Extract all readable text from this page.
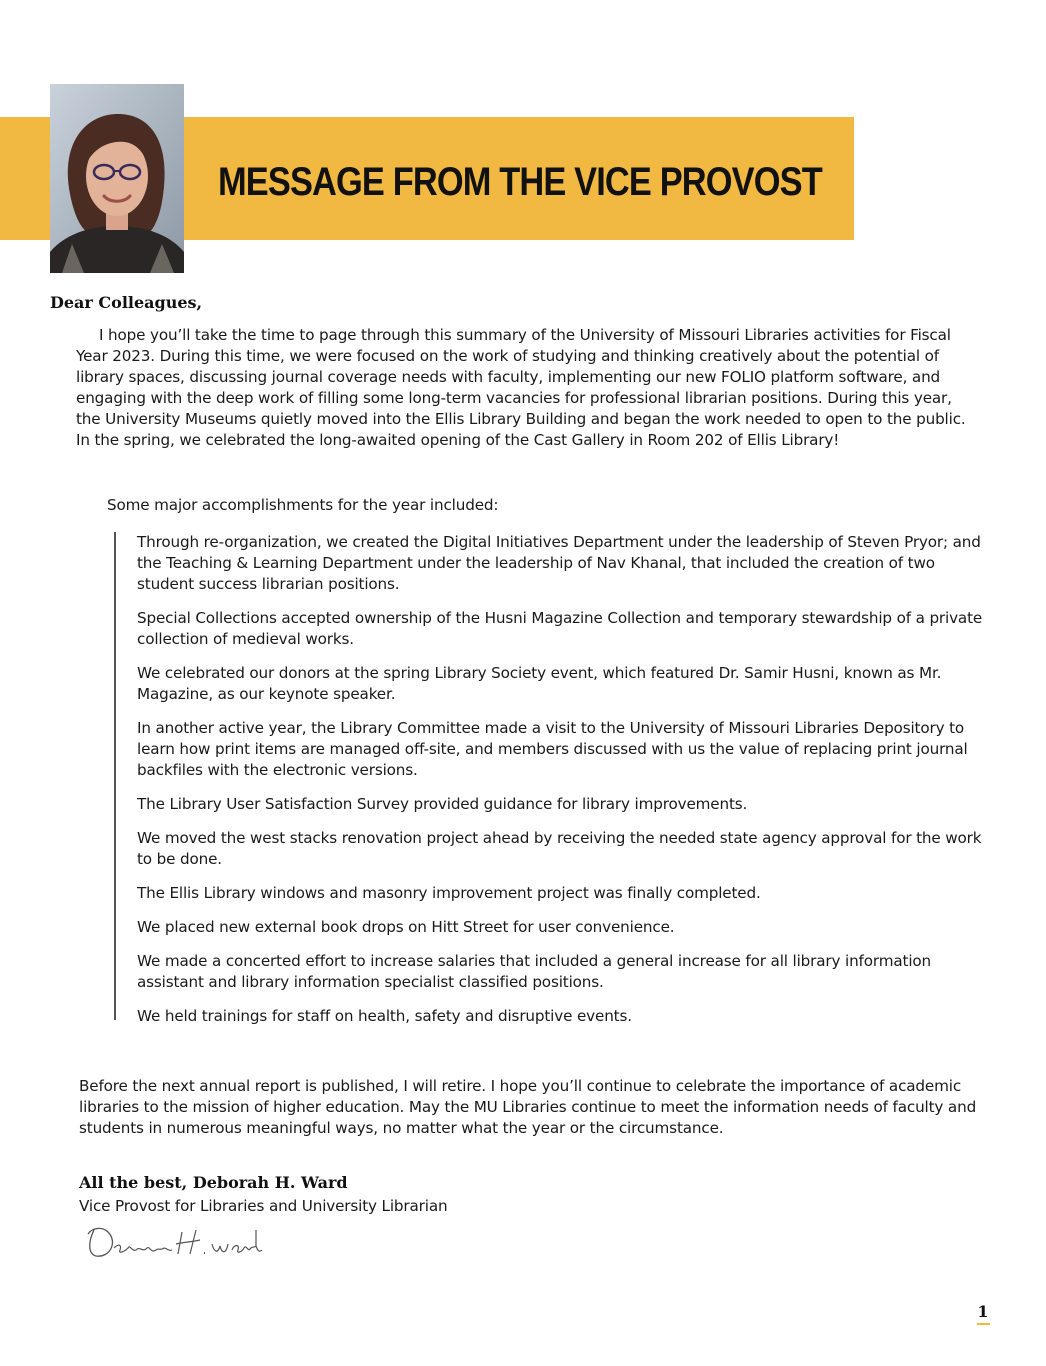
MESSAGE FROM THE VICE PROVOST

Dear Colleagues,

I hope you’ll take the time to page through this summary of the University of Missouri Libraries activities for Fiscal Year 2023. During this time, we were focused on the work of studying and thinking creatively about the potential of library spaces, discussing journal coverage needs with faculty, implementing our new FOLIO platform software, and engaging with the deep work of filling some long-term vacancies for professional librarian positions. During this year, the University Museums quietly moved into the Ellis Library Building and began the work needed to open to the public. In the spring, we celebrated the long-awaited opening of the Cast Gallery in Room 202 of Ellis Library!

Some major accomplishments for the year included:

Through re-organization, we created the Digital Initiatives Department under the leadership of Steven Pryor; and the Teaching & Learning Department under the leadership of Nav Khanal, that included the creation of two student success librarian positions.
Special Collections accepted ownership of the Husni Magazine Collection and temporary stewardship of a private collection of medieval works.
We celebrated our donors at the spring Library Society event, which featured Dr. Samir Husni, known as Mr. Magazine, as our keynote speaker.
In another active year, the Library Committee made a visit to the University of Missouri Libraries Depository to learn how print items are managed off-site, and members discussed with us the value of replacing print journal backfiles with the electronic versions.
The Library User Satisfaction Survey provided guidance for library improvements.
We moved the west stacks renovation project ahead by receiving the needed state agency approval for the work to be done.
The Ellis Library windows and masonry improvement project was finally completed.
We placed new external book drops on Hitt Street for user convenience.
We made a concerted effort to increase salaries that included a general increase for all library information assistant and library information specialist classified positions.
We held trainings for staff on health, safety and disruptive events.

Before the next annual report is published, I will retire. I hope you’ll continue to celebrate the importance of academic libraries to the mission of higher education. May the MU Libraries continue to meet the information needs of faculty and students in numerous meaningful ways, no matter what the year or the circumstance.

All the best, Deborah H. Ward

Vice Provost for Libraries and University Librarian

1
